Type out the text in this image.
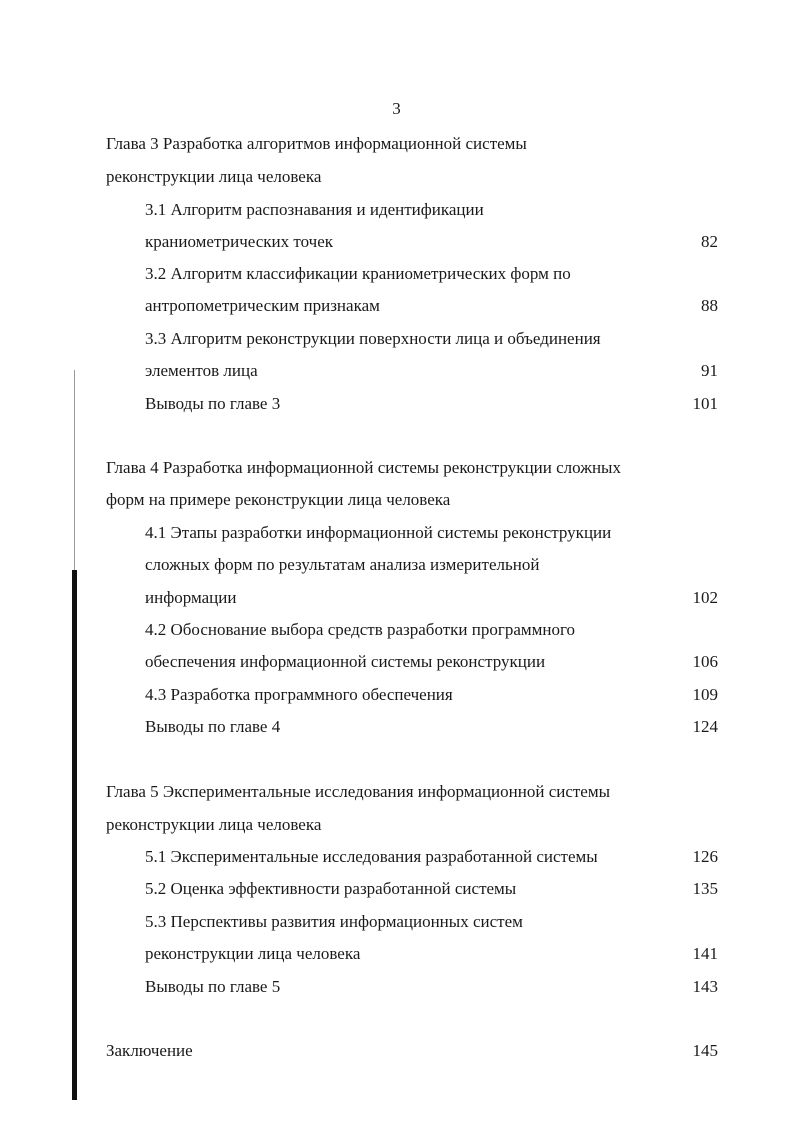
3
Глава 3 Разработка алгоритмов информационной системы
реконструкции лица человека
3.1 Алгоритм распознавания и идентификации
краниометрических точек	82
3.2 Алгоритм классификации краниометрических форм по
антропометрическим признакам	88
3.3 Алгоритм реконструкции поверхности лица и объединения
элементов лица	91
Выводы по главе 3	101
Глава 4 Разработка информационной системы реконструкции сложных
форм на примере реконструкции лица человека
4.1 Этапы разработки информационной системы реконструкции
сложных форм по результатам анализа измерительной
информации	102
4.2 Обоснование выбора средств разработки программного
обеспечения информационной системы реконструкции	106
4.3 Разработка программного обеспечения	109
Выводы по главе 4	124
Глава 5 Экспериментальные исследования информационной системы
реконструкции лица человека
5.1 Экспериментальные исследования разработанной системы	126
5.2 Оценка эффективности разработанной системы	135
5.3 Перспективы развития информационных систем
реконструкции лица человека	141
Выводы по главе 5	143
Заключение	145
